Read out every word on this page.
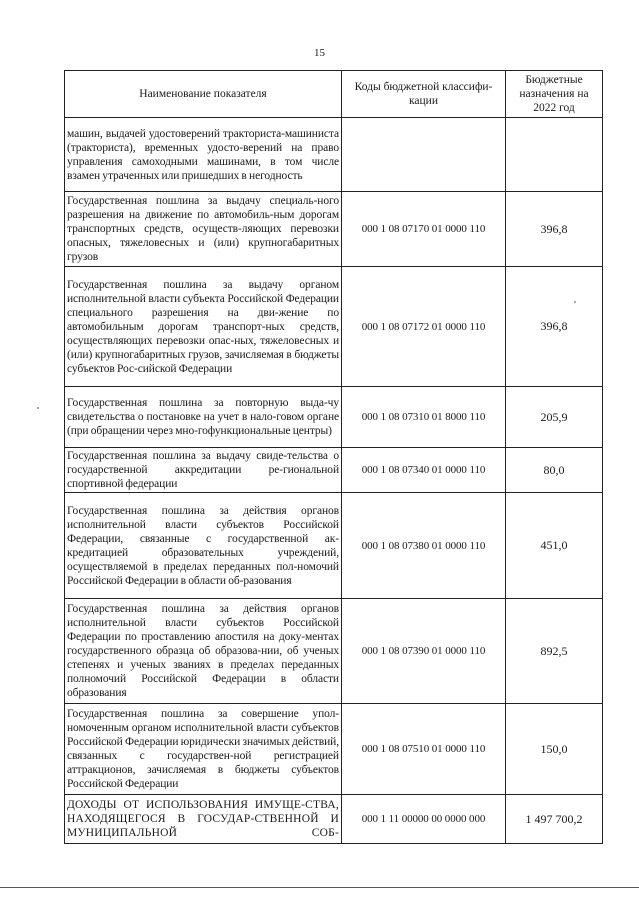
15
Наименование показателя	Коды бюджетной классифи-кации	Бюджетные назначения на 2022 год
машин, выдачей удостоверений тракториста-машиниста (тракториста), временных удосто-верений на право управления самоходными машинами, в том числе взамен утраченных или пришедших в негодность		
Государственная пошлина за выдачу специаль-ного разрешения на движение по автомобиль-ным дорогам транспортных средств, осуществ-ляющих перевозки опасных, тяжеловесных и (или) крупногабаритных грузов	000 1 08 07170 01 0000 110	396,8
Государственная пошлина за выдачу органом исполнительной власти субъекта Российской Федерации специального разрешения на дви-жение по автомобильным дорогам транспорт-ных средств, осуществляющих перевозки опас-ных, тяжеловесных и (или) крупногабаритных грузов, зачисляемая в бюджеты субъектов Рос-сийской Федерации	000 1 08 07172 01 0000 110	396,8
Государственная пошлина за повторную выда-чу свидетельства о постановке на учет в нало-говом органе (при обращении через мно-гофункциональные центры)	000 1 08 07310 01 8000 110	205,9
Государственная пошлина за выдачу свиде-тельства о государственной аккредитации ре-гиональной спортивной федерации	000 1 08 07340 01 0000 110	80,0
Государственная пошлина за действия органов исполнительной власти субъектов Российской Федерации, связанные с государственной ак-кредитацией образовательных учреждений, осуществляемой в пределах переданных пол-номочий Российской Федерации в области об-разования	000 1 08 07380 01 0000 110	451,0
Государственная пошлина за действия органов исполнительной власти субъектов Российской Федерации по проставлению апостиля на доку-ментах государственного образца об образова-нии, об ученых степенях и ученых званиях в пределах переданных полномочий Российской Федерации в области образования	000 1 08 07390 01 0000 110	892,5
Государственная пошлина за совершение упол-номоченным органом исполнительной власти субъектов Российской Федерации юридически значимых действий, связанных с государствен-ной регистрацией аттракционов, зачисляемая в бюджеты субъектов Российской Федерации	000 1 08 07510 01 0000 110	150,0
ДОХОДЫ ОТ ИСПОЛЬЗОВАНИЯ ИМУЩЕ-СТВА, НАХОДЯЩЕГОСЯ В ГОСУДАР-СТВЕННОЙ И МУНИЦИПАЛЬНОЙ СОБ-	000 1 11 00000 00 0000 000	1 497 700,2
